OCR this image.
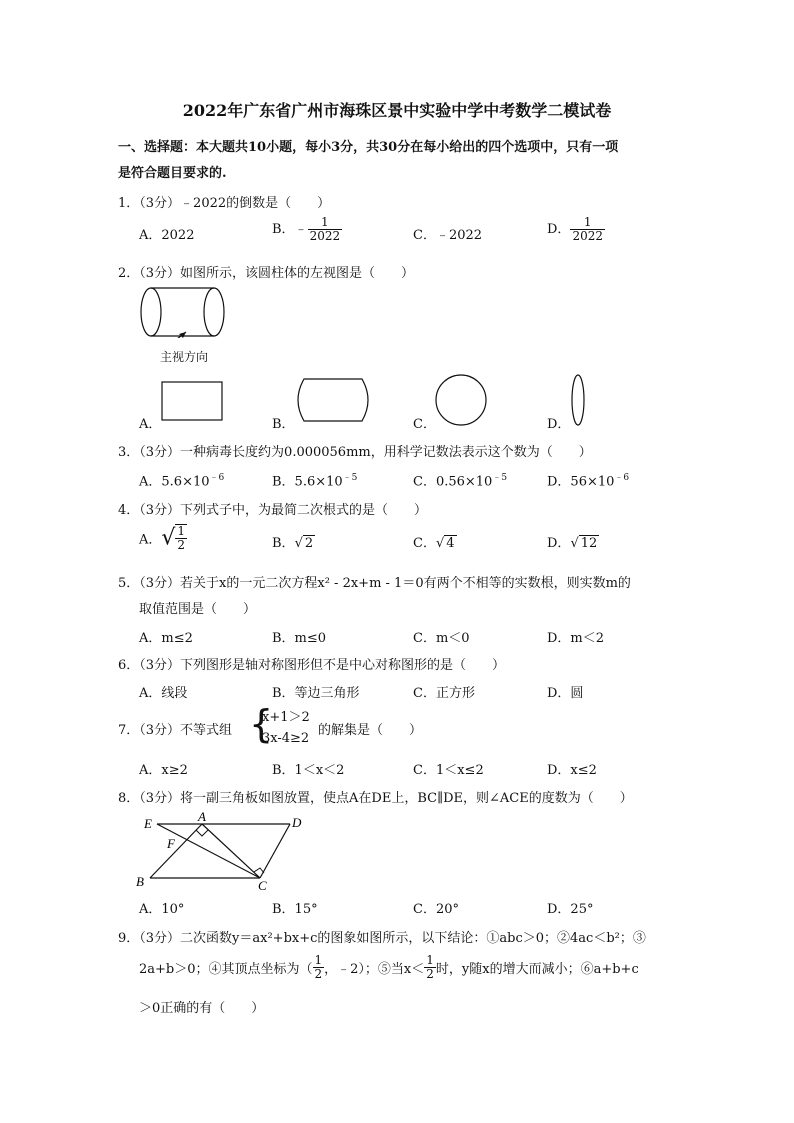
2022年广东省广州市海珠区景中实验中学中考数学二模试卷
一、选择题：本大题共10小题，每小3分，共30分在每小给出的四个选项中，只有一项
是符合题目要求的.
1．（3分）﹣2022的倒数是（　　）
A．2022	B．﹣ $\frac{1}{2022}$	C．﹣2022	D． $\frac{1}{2022}$
2．（3分）如图所示，该圆柱体的左视图是（　　）
主视方向
A．	B．	C．	D．
3．（3分）一种病毒长度约为0.000056mm，用科学记数法表示这个数为（　　）
A．$5.6\times 10^{﹣6}$	B．$5.6\times 10^{﹣5}$	C．$0.56\times 10^{﹣5}$	D．$56\times 10^{﹣6}$
4．（3分）下列式子中，为最简二次根式的是（　　）
A．√ $\frac{1}{2}$	B．√ 2	C．√ 4	D．√ 12
5．（3分）若关于x的一元二次方程x² - 2x+m - 1＝0有两个不相等的实数根，则实数m的
取值范围是（　　）
A．m≤2	B．m≤0	C．m＜0	D．m＜2
6．（3分）下列图形是轴对称图形但不是中心对称图形的是（　　）
A．线段	B．等边三角形	C．正方形	D．圆
7．（3分）不等式组 {
x+1＞2
3x-4≥2
的解集是（　　）
A．x≥2	B．1＜x＜2	C．1＜x≤2	D．x≤2
8．（3分）将一副三角板如图放置，使点A在DE上，BC∥DE，则∠ACE的度数为（　　）
E	A	D
F
B	C
A．10°	B．15°	C．20°	D．25°
9．（3分）二次函数y＝ax²+bx+c的图象如图所示，以下结论：①abc＞0；②4ac＜b²；③
2a+b＞0；④其顶点坐标为（ $\frac{1}{2}$ ，﹣2）；⑤当$x< \frac{1}{2}$ 时，y随x的增大而减小；⑥a+b+c
＞0正确的有（　　）
